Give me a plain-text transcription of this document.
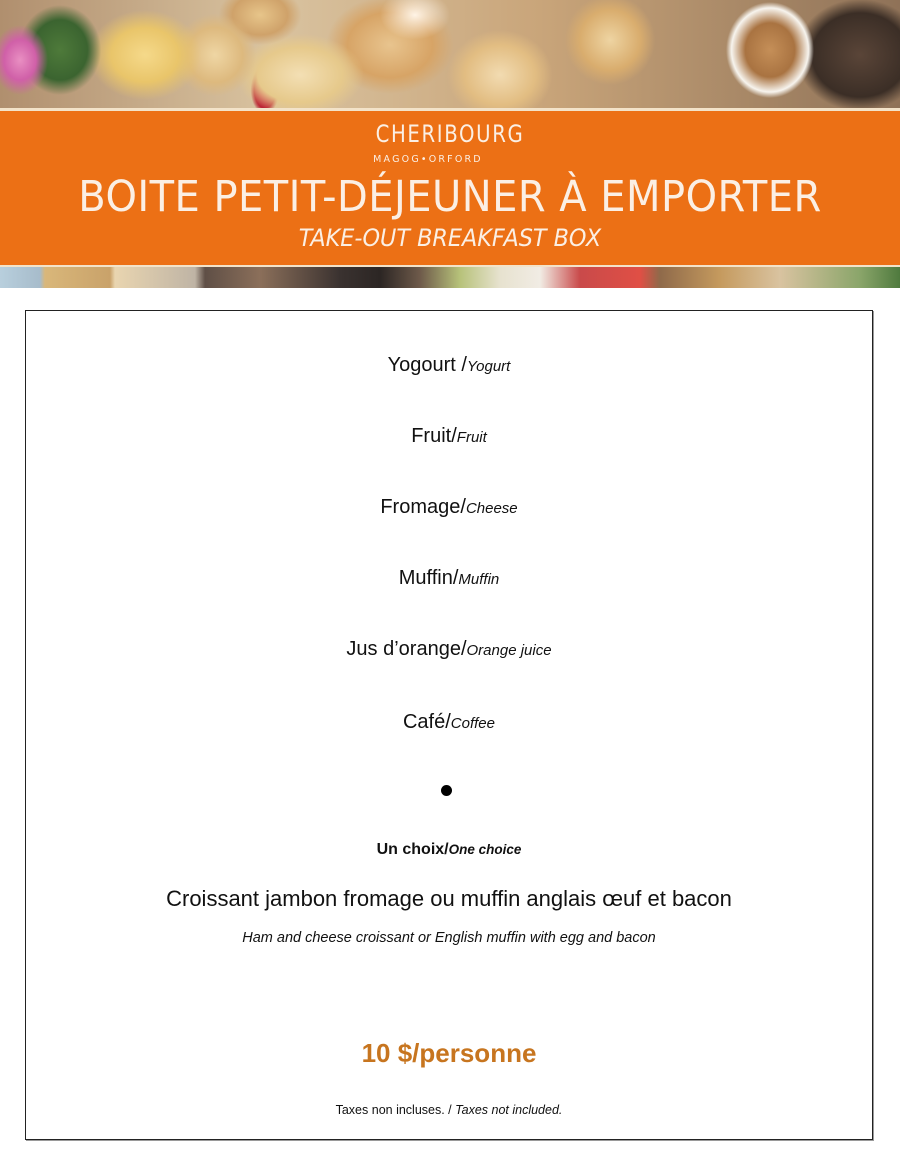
CHERIBOURG
MAGOG•ORFORD
BOITE PETIT-DÉJEUNER À EMPORTER
TAKE-OUT BREAKFAST BOX
Yogourt /Yogurt
Fruit/Fruit
Fromage/Cheese
Muffin/Muffin
Jus d’orange/Orange juice
Café/Coffee
Un choix/One choice
Croissant jambon fromage ou muffin anglais œuf et bacon
Ham and cheese croissant or English muffin with egg and bacon
10 $/personne
Taxes non incluses. / Taxes not included.
